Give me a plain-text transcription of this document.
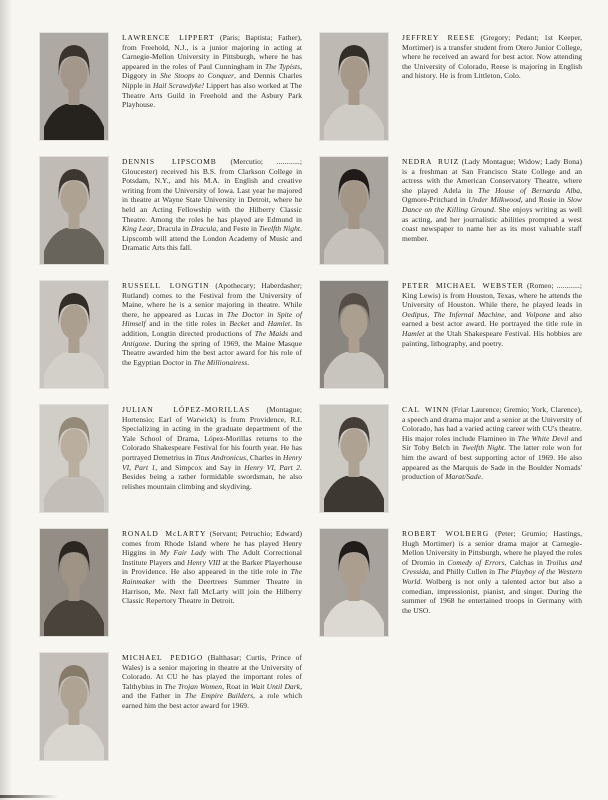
LAWRENCE LIPPERT (Paris; Baptista; Father), from Freehold, N.J., is a junior majoring in acting at Carnegie-Mellon University in Pittsburgh, where he has appeared in the roles of Paul Cunningham in The Typists, Diggory in She Stoops to Conquer, and Dennis Charles Nipple in Hail Scrawdyke! Lippert has also worked at The Theatre Arts Guild in Freehold and the Asbury Park Playhouse.

DENNIS LIPSCOMB (Mercutio; ............; Gloucester) received his B.S. from Clarkson College in Potsdam, N.Y., and his M.A. in English and creative writing from the University of Iowa. Last year he majored in theatre at Wayne State University in Detroit, where he held an Acting Fellowship with the Hilberry Classic Theatre. Among the roles he has played are Edmund in King Lear, Dracula in Dracula, and Feste in Twelfth Night. Lipscomb will attend the London Academy of Music and Dramatic Arts this fall.

RUSSELL LONGTIN (Apothecary; Haberdasher; Rutland) comes to the Festival from the University of Maine, where he is a senior majoring in theatre. While there, he appeared as Lucas in The Doctor in Spite of Himself and in the title roles in Becket and Hamlet. In addition, Longtin directed productions of The Maids and Antigone. During the spring of 1969, the Maine Masque Theatre awarded him the best actor award for his role of the Egyptian Doctor in The Millionairess.

JULIAN LÓPEZ-MORILLAS (Montague; Hortensio; Earl of Warwick) is from Providence, R.I. Specializing in acting in the graduate department of the Yale School of Drama, López-Morillas returns to the Colorado Shakespeare Festival for his fourth year. He has portrayed Demetrius in Titus Andronicus, Charles in Henry VI, Part 1, and Simpcox and Say in Henry VI, Part 2. Besides being a rather formidable swordsman, he also relishes mountain climbing and skydiving.

RONALD McLARTY (Servant; Petruchio; Edward) comes from Rhode Island where he has played Henry Higgins in My Fair Lady with The Adult Correctional Institute Players and Henry VIII at the Barker Playerhouse in Providence. He also appeared in the title role in The Rainmaker with the Deertrees Summer Theatre in Harrison, Me. Next fall McLarty will join the Hilberry Classic Repertory Theatre in Detroit.

MICHAEL PEDIGO (Balthasar; Curtis, Prince of Wales) is a senior majoring in theatre at the University of Colorado. At CU he has played the important roles of Talthybius in The Trojan Women, Roat in Wait Until Dark, and the Father in The Empire Builders, a role which earned him the best actor award for 1969.

JEFFREY REESE (Gregory; Pedant; 1st Keeper, Mortimer) is a transfer student from Otero Junior College, where he received an award for best actor. Now attending the University of Colorado, Reese is majoring in English and history. He is from Littleton, Colo.

NEDRA RUIZ (Lady Montague; Widow; Lady Bona) is a freshman at San Francisco State College and an actress with the American Conservatory Theatre, where she played Adela in The House of Bernarda Alba, Ogmore-Pritchard in Under Milkwood, and Rosie in Slow Dance on the Killing Ground. She enjoys writing as well as acting, and her journalistic abilities prompted a west coast newspaper to name her as its most valuable staff member.

PETER MICHAEL WEBSTER (Romeo; ............; King Lewis) is from Houston, Texas, where he attends the University of Houston. While there, he played leads in Oedipus, The Infernal Machine, and Volpone and also earned a best actor award. He portrayed the title role in Hamlet at the Utah Shakespeare Festival. His hobbies are painting, lithography, and poetry.

CAL WINN (Friar Laurence; Gremio; York, Clarence), a speech and drama major and a senior at the University of Colorado, has had a varied acting career with CU's theatre. His major roles include Flamineo in The White Devil and Sir Toby Belch in Twelfth Night. The latter role won for him the award of best supporting actor of 1969. He also appeared as the Marquis de Sade in the Boulder Nomads' production of Marat/Sade.

ROBERT WOLBERG (Peter; Grumio; Hastings, Hugh Mortimer) is a senior drama major at Carnegie-Mellon University in Pittsburgh, where he played the roles of Dromio in Comedy of Errors, Calchas in Troilus and Cressida, and Philly Cullen in The Playboy of the Western World. Wolberg is not only a talented actor but also a comedian, impressionist, pianist, and singer. During the summer of 1968 he entertained troops in Germany with the USO.
